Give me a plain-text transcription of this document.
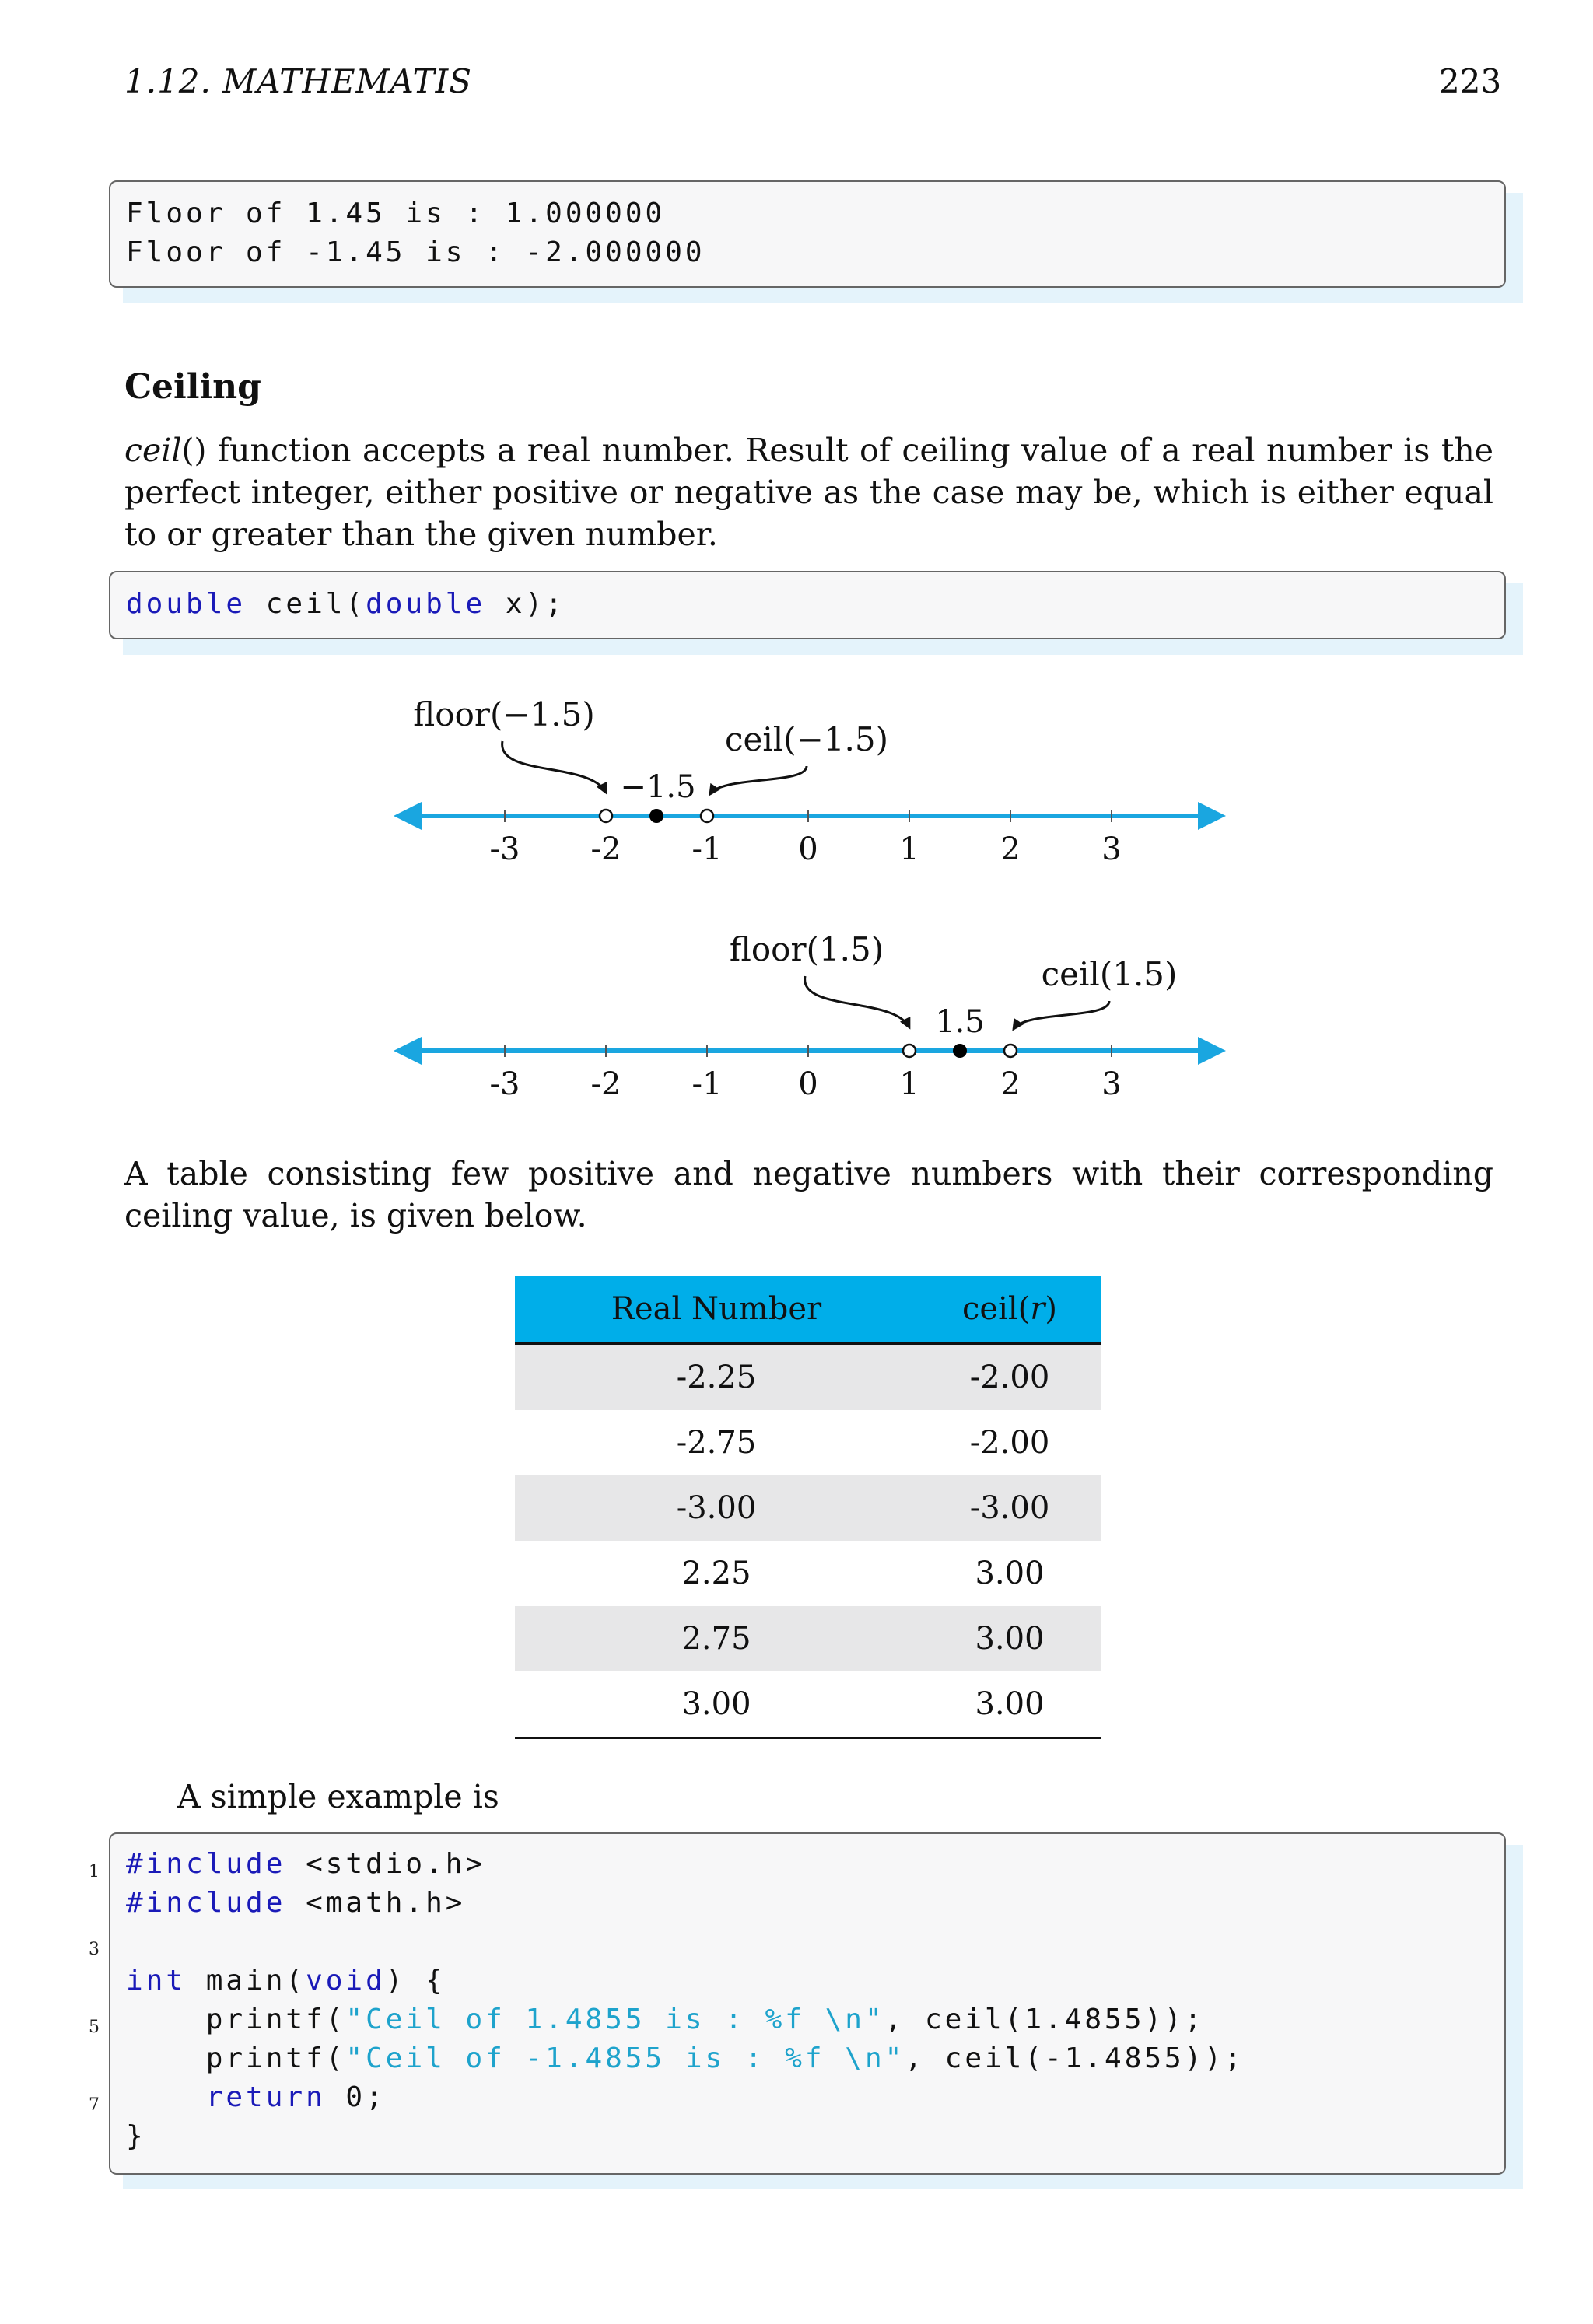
1.12. MATHEMATIS	223
Floor of 1.45 is : 1.000000
Floor of -1.45 is : -2.000000
Ceiling
ceil() function accepts a real number. Result of ceiling value of a real number is the perfect integer, either positive or negative as the case may be, which is either equal to or greater than the given number.
double ceil(double x);
-3 -2 -1 0	1	2	3
−1.5
floor(−1.5)
ceil(−1.5)
-3 -2 -1 0	1	2	3
1.5
floor(1.5)
ceil(1.5)
A table consisting few positive and negative numbers with their corresponding ceiling value, is given below.
Real Number	ceil(r)
-2.25	-2.00
-2.75	-2.00
-3.00	-3.00
2.25	3.00
2.75	3.00
3.00	3.00
A simple example is
#include <stdio.h>
#include <math.h>
int main(void) {
printf("Ceil of 1.4855 is : %f \n", ceil(1.4855));
printf("Ceil of -1.4855 is : %f \n", ceil(-1.4855));
return 0;
}
1
3
5
7
